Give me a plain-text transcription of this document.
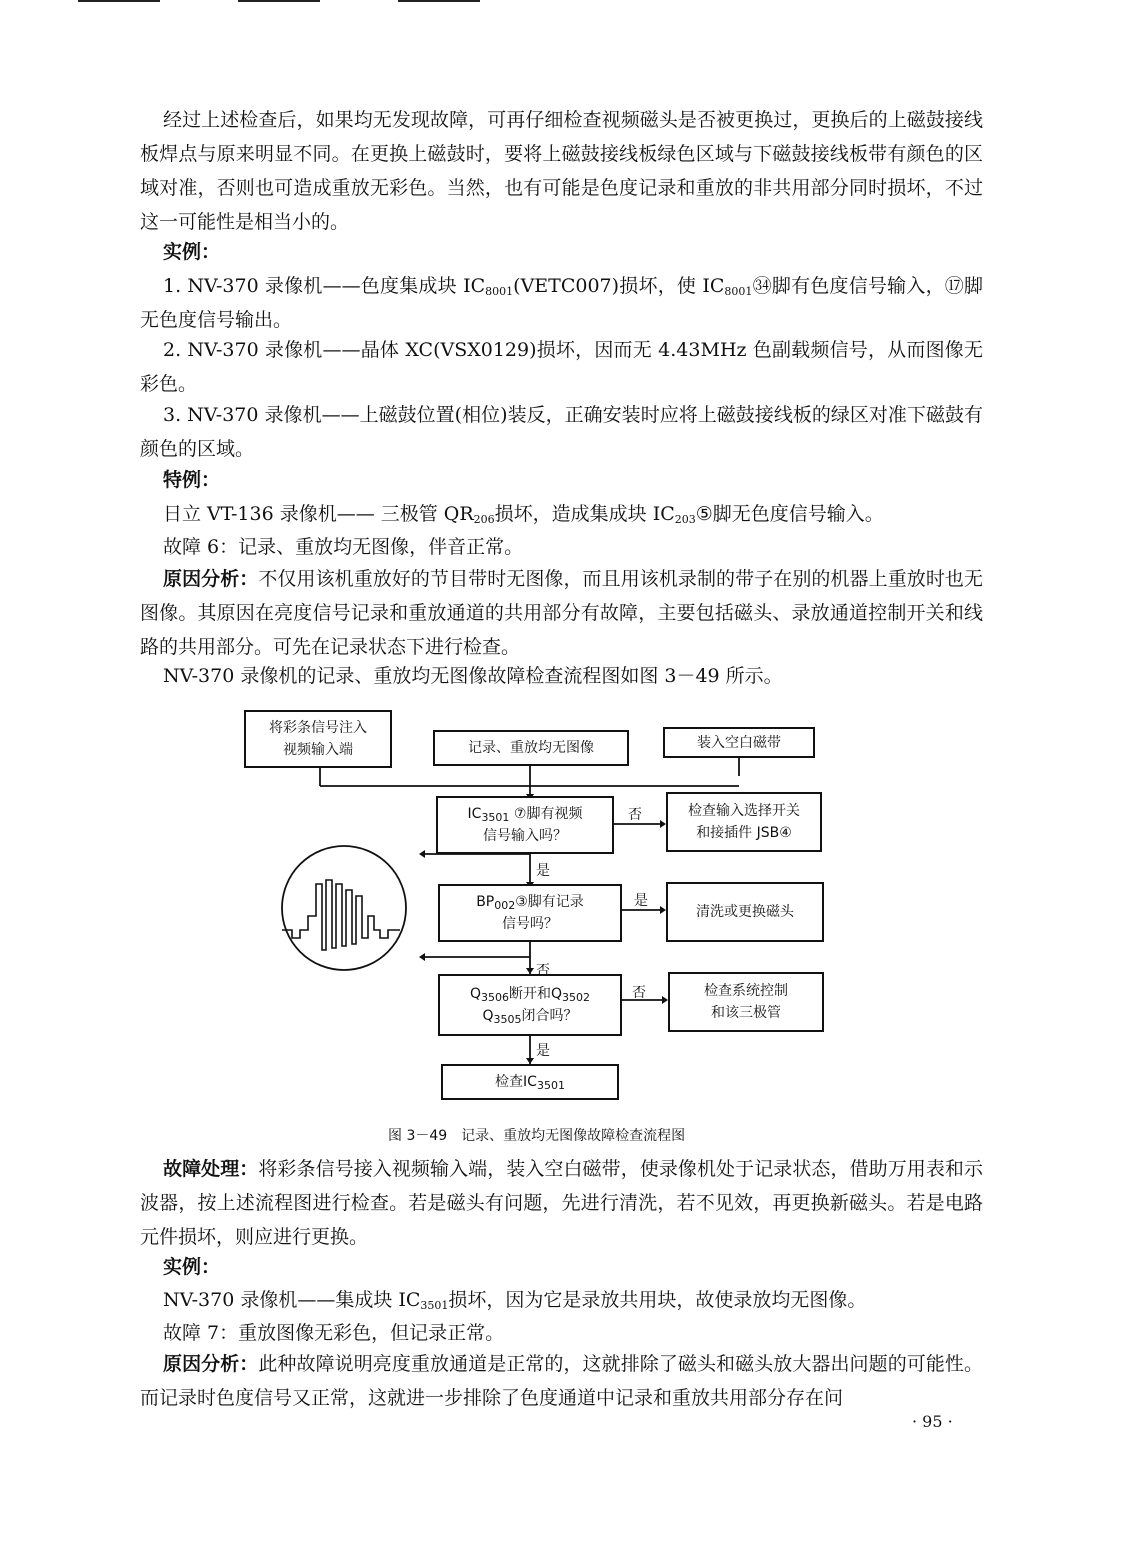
经过上述检查后，如果均无发现故障，可再仔细检查视频磁头是否被更换过，更换后的上磁鼓接线板焊点与原来明显不同。在更换上磁鼓时，要将上磁鼓接线板绿色区域与下磁鼓接线板带有颜色的区域对准，否则也可造成重放无彩色。当然，也有可能是色度记录和重放的非共用部分同时损坏，不过这一可能性是相当小的。

实例：

1. NV-370 录像机——色度集成块 $IC_{8001}(VETC007)$损坏，使 $IC_{8001}㉞$脚有色度信号输入，⑰脚无色度信号输出。

2. NV-370 录像机——晶体 XC(VSX0129)损坏，因而无 4.43MHz 色副载频信号，从而图像无彩色。

3. NV-370 录像机——上磁鼓位置(相位)装反，正确安装时应将上磁鼓接线板的绿区对准下磁鼓有颜色的区域。

特例：

日立 VT-136 录像机—— 三极管 $QR_{206}$损坏，造成集成块 $IC_{203}⑤$脚无色度信号输入。

故障 6：记录、重放均无图像，伴音正常。

原因分析：不仅用该机重放好的节目带时无图像，而且用该机录制的带子在别的机器上重放时也无图像。其原因在亮度信号记录和重放通道的共用部分有故障，主要包括磁头、录放通道控制开关和线路的共用部分。可先在记录状态下进行检查。

NV-370 录像机的记录、重放均无图像故障检查流程图如图 3－49 所示。

将彩条信号注入
视频输入端	记录、重放均无图像	装入空白磁带
$IC_{3501}$ ⑦脚有视频
信号输入吗？
检查输入选择开关
和接插件 JSB④
$BP_{002}③$脚有记录
信号吗？
清洗或更换磁头
$Q_{3506}$断开和$Q_{3502}$
$Q_{3505}$闭合吗？
检查系统控制
和该三极管
检查$IC_{3501}$
否
是
是
否
否
是
图 3－49　记录、重放均无图像故障检查流程图

故障处理：将彩条信号接入视频输入端，装入空白磁带，使录像机处于记录状态，借助万用表和示波器，按上述流程图进行检查。若是磁头有问题，先进行清洗，若不见效，再更换新磁头。若是电路元件损坏，则应进行更换。

实例：

NV-370 录像机——集成块 $IC_{3501}$损坏，因为它是录放共用块，故使录放均无图像。

故障 7：重放图像无彩色，但记录正常。

原因分析：此种故障说明亮度重放通道是正常的，这就排除了磁头和磁头放大器出问题的可能性。而记录时色度信号又正常，这就进一步排除了色度通道中记录和重放共用部分存在问

· 95 ·
